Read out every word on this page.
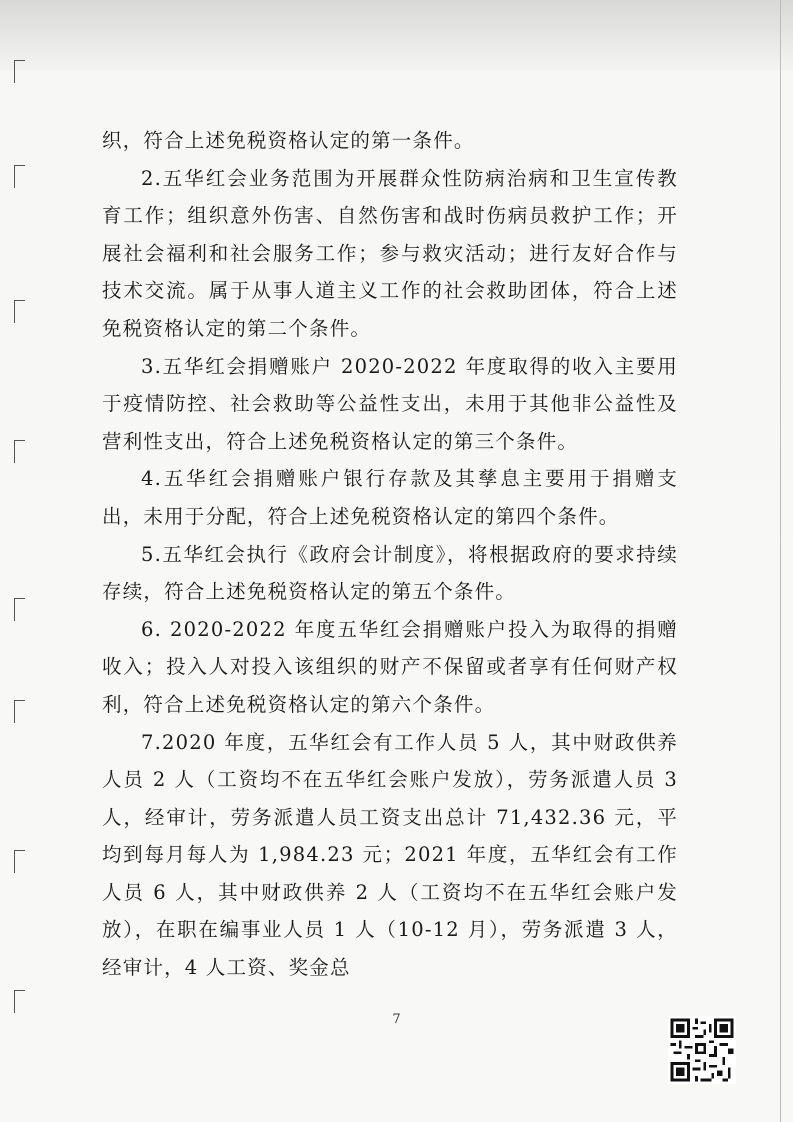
织，符合上述免税资格认定的第一条件。

2.五华红会业务范围为开展群众性防病治病和卫生宣传教育工作；组织意外伤害、自然伤害和战时伤病员救护工作；开展社会福利和社会服务工作；参与救灾活动；进行友好合作与技术交流。属于从事人道主义工作的社会救助团体，符合上述免税资格认定的第二个条件。

3.五华红会捐赠账户 2020-2022 年度取得的收入主要用于疫情防控、社会救助等公益性支出，未用于其他非公益性及营利性支出，符合上述免税资格认定的第三个条件。

4.五华红会捐赠账户银行存款及其孳息主要用于捐赠支出，未用于分配，符合上述免税资格认定的第四个条件。

5.五华红会执行《政府会计制度》，将根据政府的要求持续存续，符合上述免税资格认定的第五个条件。

6. 2020-2022 年度五华红会捐赠账户投入为取得的捐赠收入；投入人对投入该组织的财产不保留或者享有任何财产权利，符合上述免税资格认定的第六个条件。

7.2020 年度，五华红会有工作人员 5 人，其中财政供养人员 2 人（工资均不在五华红会账户发放），劳务派遣人员 3 人，经审计，劳务派遣人员工资支出总计 71,432.36 元，平均到每月每人为 1,984.23 元；2021 年度，五华红会有工作人员 6 人，其中财政供养 2 人（工资均不在五华红会账户发放），在职在编事业人员 1 人（10-12 月），劳务派遣 3 人，经审计，4 人工资、奖金总

7
